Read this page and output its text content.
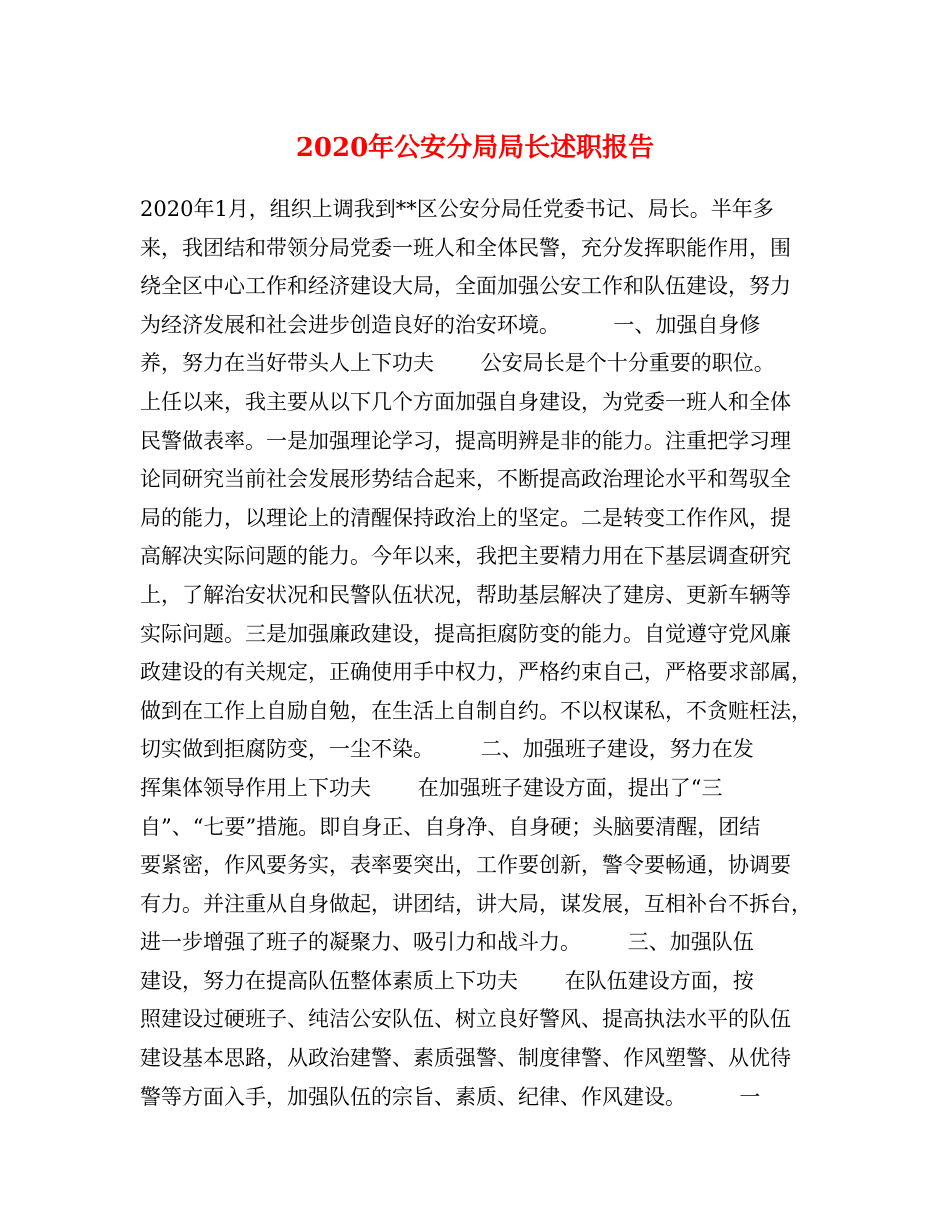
2020年公安分局局长述职报告
2020年1月，组织上调我到**区公安分局任党委书记、局长。半年多
来，我团结和带领分局党委一班人和全体民警，充分发挥职能作用，围
绕全区中心工作和经济建设大局，全面加强公安工作和队伍建设，努力
为经济发展和社会进步创造良好的治安环境。        一、加强自身修
养，努力在当好带头人上下功夫       公安局长是个十分重要的职位。
上任以来，我主要从以下几个方面加强自身建设，为党委一班人和全体
民警做表率。一是加强理论学习，提高明辨是非的能力。注重把学习理
论同研究当前社会发展形势结合起来，不断提高政治理论水平和驾驭全
局的能力，以理论上的清醒保持政治上的坚定。二是转变工作作风，提
高解决实际问题的能力。今年以来，我把主要精力用在下基层调查研究
上，了解治安状况和民警队伍状况，帮助基层解决了建房、更新车辆等
实际问题。三是加强廉政建设，提高拒腐防变的能力。自觉遵守党风廉
政建设的有关规定，正确使用手中权力，严格约束自己，严格要求部属，
做到在工作上自励自勉，在生活上自制自约。不以权谋私，不贪赃枉法，
切实做到拒腐防变，一尘不染。       二、加强班子建设，努力在发
挥集体领导作用上下功夫       在加强班子建设方面，提出了“三
自”、“七要”措施。即自身正、自身净、自身硬；头脑要清醒，团结
要紧密，作风要务实，表率要突出，工作要创新，警令要畅通，协调要
有力。并注重从自身做起，讲团结，讲大局，谋发展，互相补台不拆台，
进一步增强了班子的凝聚力、吸引力和战斗力。       三、加强队伍
建设，努力在提高队伍整体素质上下功夫       在队伍建设方面，按
照建设过硬班子、纯洁公安队伍、树立良好警风、提高执法水平的队伍
建设基本思路，从政治建警、素质强警、制度律警、作风塑警、从优待
警等方面入手，加强队伍的宗旨、素质、纪律、作风建设。        一
